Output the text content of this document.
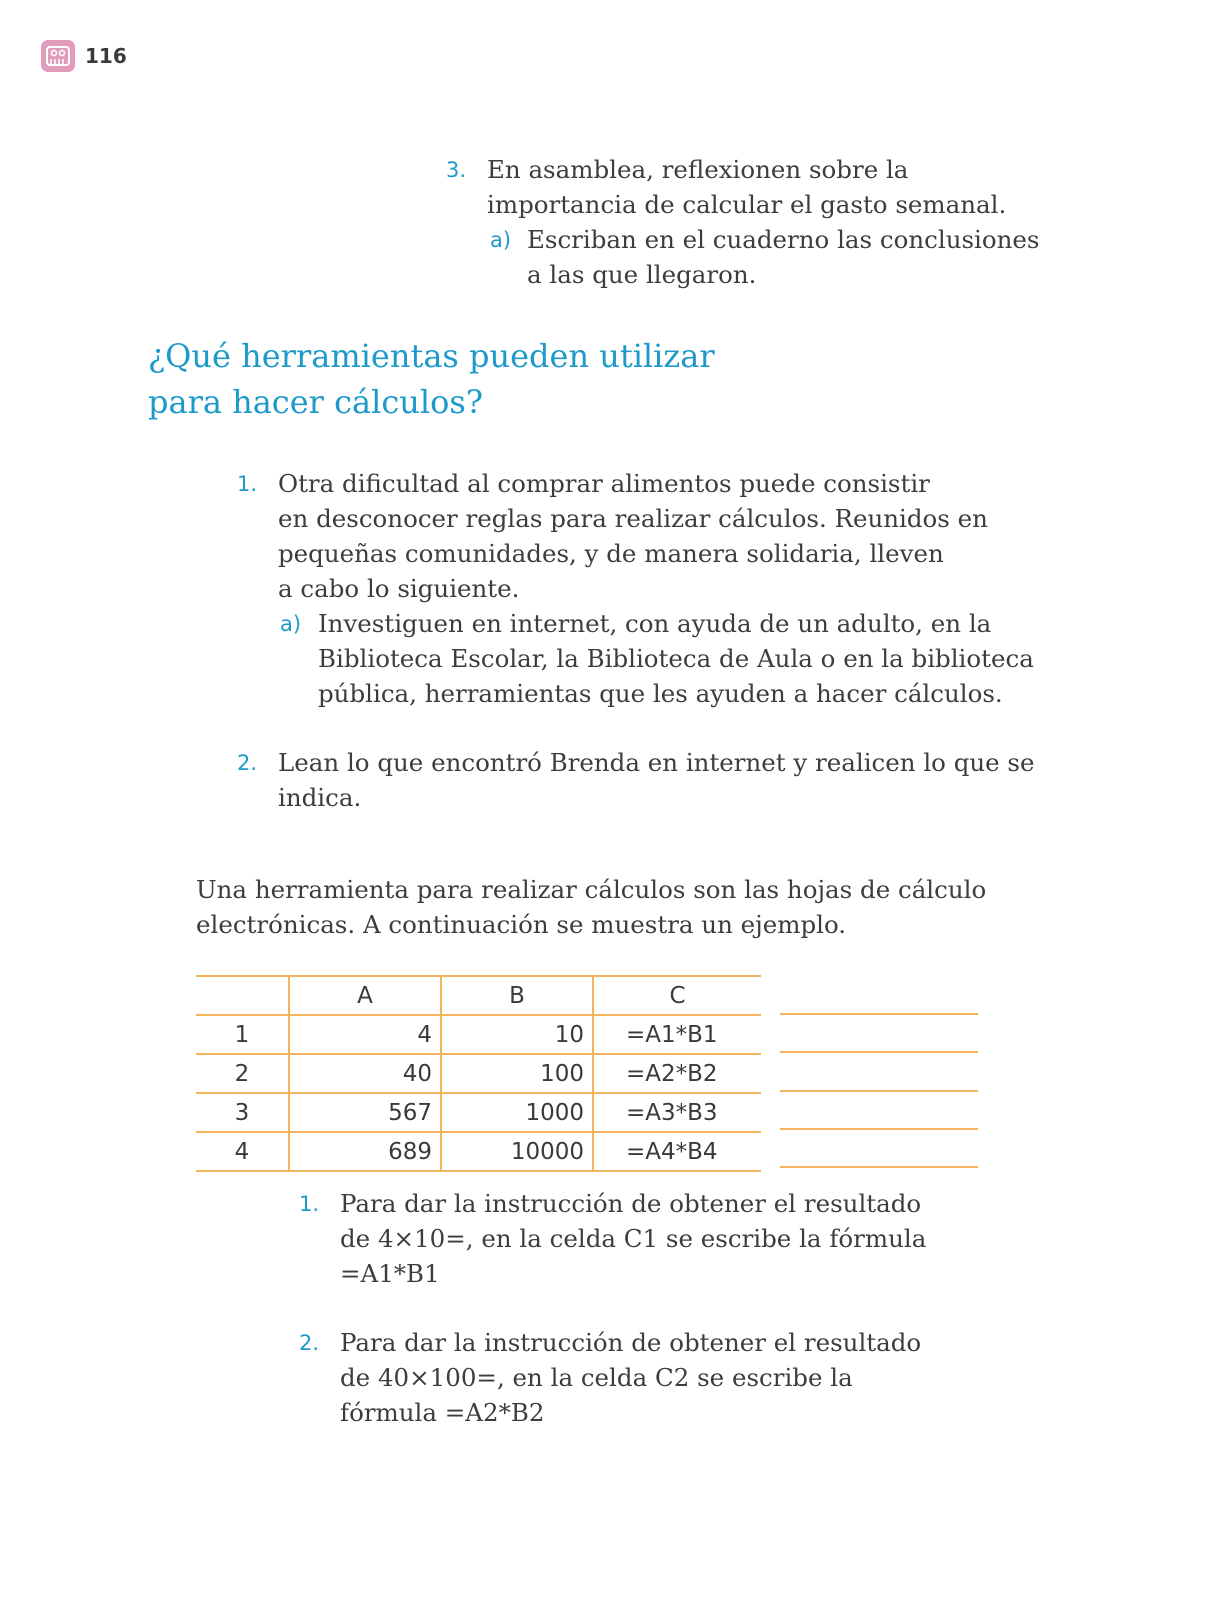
116
3. En asamblea, reflexionen sobre la
importancia de calcular el gasto semanal.
a) Escriban en el cuaderno las conclusiones
a las que llegaron.
¿Qué herramientas pueden utilizar
para hacer cálculos?
1. Otra dificultad al comprar alimentos puede consistir
en desconocer reglas para realizar cálculos. Reunidos en
pequeñas comunidades, y de manera solidaria, lleven
a cabo lo siguiente.
a) Investiguen en internet, con ayuda de un adulto, en la
Biblioteca Escolar, la Biblioteca de Aula o en la biblioteca
pública, herramientas que les ayuden a hacer cálculos.
2. Lean lo que encontró Brenda en internet y realicen lo que se
indica.
Una herramienta para realizar cálculos son las hojas de cálculo
electrónicas. A continuación se muestra un ejemplo.
	A	B	C
1	4	10	=A1*B1
2	40	100	=A2*B2
3	567	1000	=A3*B3
4	689	10000	=A4*B4
1. Para dar la instrucción de obtener el resultado
de 4×10=, en la celda C1 se escribe la fórmula
=A1*B1
2. Para dar la instrucción de obtener el resultado
de 40×100=, en la celda C2 se escribe la
fórmula =A2*B2
